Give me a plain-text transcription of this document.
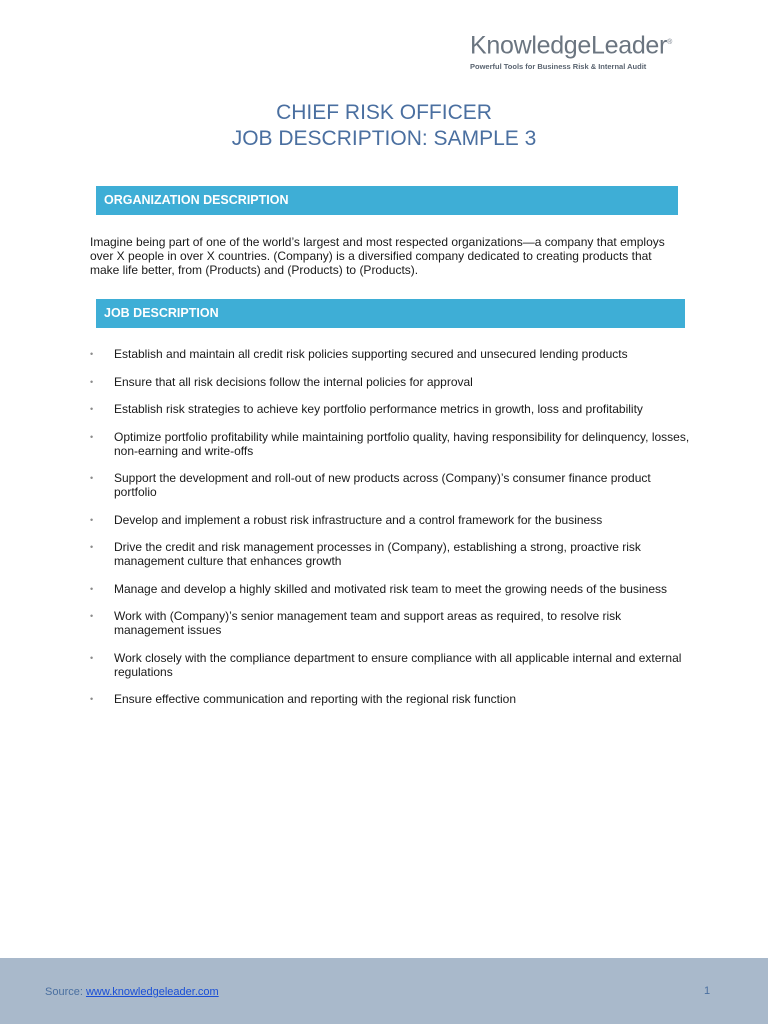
KnowledgeLeader®
Powerful Tools for Business Risk & Internal Audit
CHIEF RISK OFFICER
JOB DESCRIPTION: SAMPLE 3
ORGANIZATION DESCRIPTION
Imagine being part of one of the world’s largest and most respected organizations—a company that employs over X people in over X countries. (Company) is a diversified company dedicated to creating products that make life better, from (Products) and (Products) to (Products).
JOB DESCRIPTION
• Establish and maintain all credit risk policies supporting secured and unsecured lending products
• Ensure that all risk decisions follow the internal policies for approval
• Establish risk strategies to achieve key portfolio performance metrics in growth, loss and profitability
• Optimize portfolio profitability while maintaining portfolio quality, having responsibility for delinquency, losses, non-earning and write-offs
• Support the development and roll-out of new products across (Company)’s consumer finance product portfolio
• Develop and implement a robust risk infrastructure and a control framework for the business
• Drive the credit and risk management processes in (Company), establishing a strong, proactive risk management culture that enhances growth
• Manage and develop a highly skilled and motivated risk team to meet the growing needs of the business
• Work with (Company)’s senior management team and support areas as required, to resolve risk management issues
• Work closely with the compliance department to ensure compliance with all applicable internal and external regulations
• Ensure effective communication and reporting with the regional risk function
Source: www.knowledgeleader.com	1
